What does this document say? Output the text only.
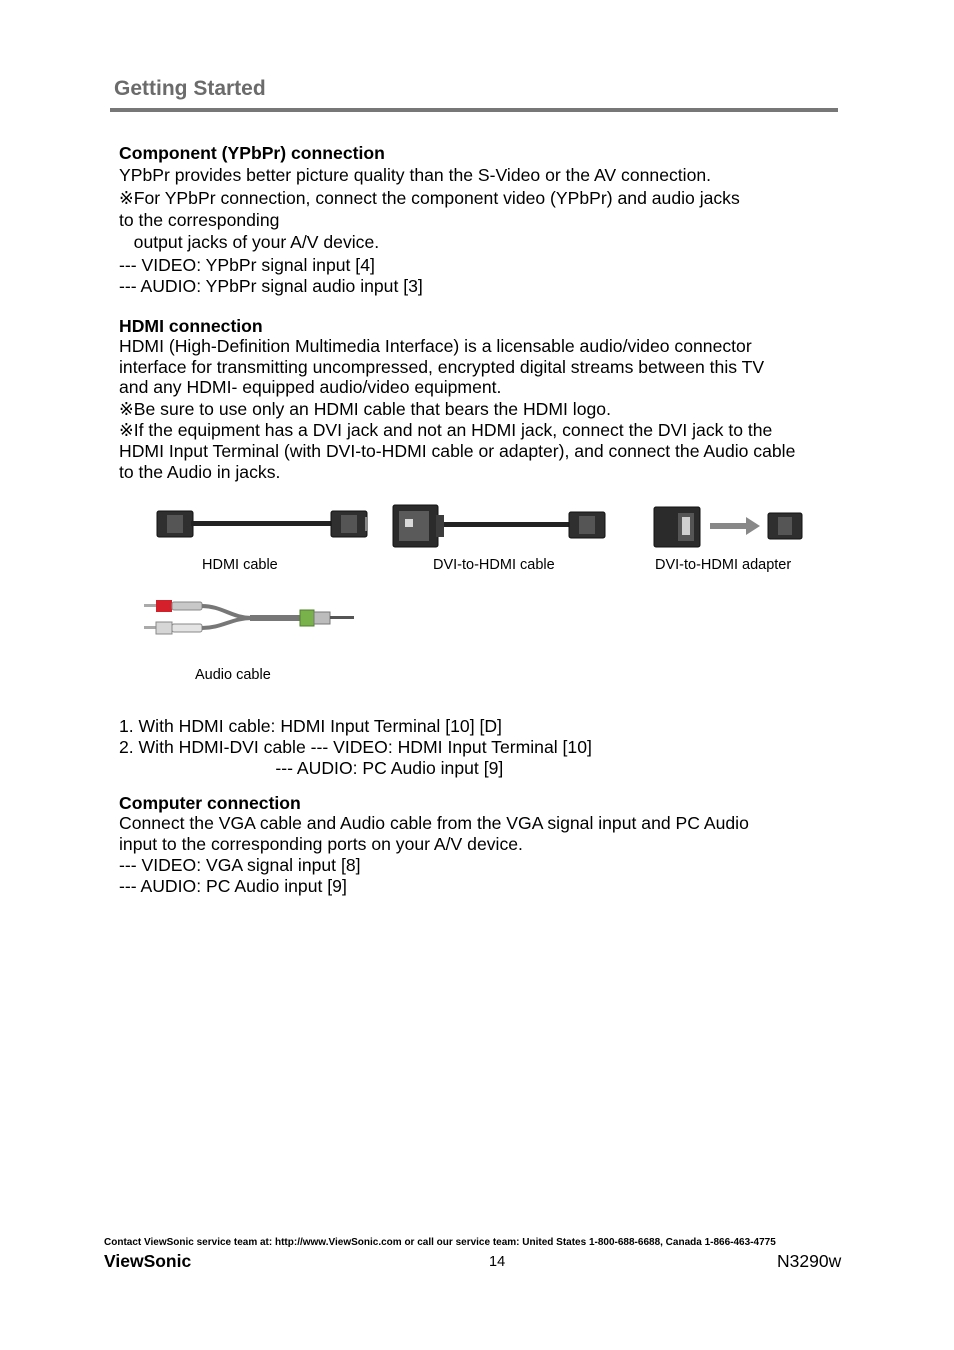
Getting Started
Component (YPbPr) connection
YPbPr provides better picture quality than the S-Video or the AV connection.
※For YPbPr connection, connect the component video (YPbPr) and audio jacks
to the corresponding
output jacks of your A/V device.
--- VIDEO: YPbPr signal input [4]
--- AUDIO: YPbPr signal audio input [3]
HDMI connection
HDMI (High-Definition Multimedia Interface) is a licensable audio/video connector
interface for transmitting uncompressed, encrypted digital streams between this TV
and any HDMI- equipped audio/video equipment.
※Be sure to use only an HDMI cable that bears the HDMI logo.
※If the equipment has a DVI jack and not an HDMI jack, connect the DVI jack to the
HDMI Input Terminal (with DVI-to-HDMI cable or adapter), and connect the Audio cable
to the Audio in jacks.
HDMI cable	DVI-to-HDMI cable	DVI-to-HDMI adapter
Audio cable
1. With HDMI cable: HDMI Input Terminal [10] [D]
2. With HDMI-DVI cable --- VIDEO: HDMI Input Terminal [10]
--- AUDIO: PC Audio input [9]
Computer connection
Connect the VGA cable and Audio cable from the VGA signal input and PC Audio
input to the corresponding ports on your A/V device.
--- VIDEO: VGA signal input [8]
--- AUDIO: PC Audio input [9]
Contact ViewSonic service team at: http://www.ViewSonic.com or call our service team: United States 1-800-688-6688, Canada 1-866-463-4775
ViewSonic	14	N3290w
